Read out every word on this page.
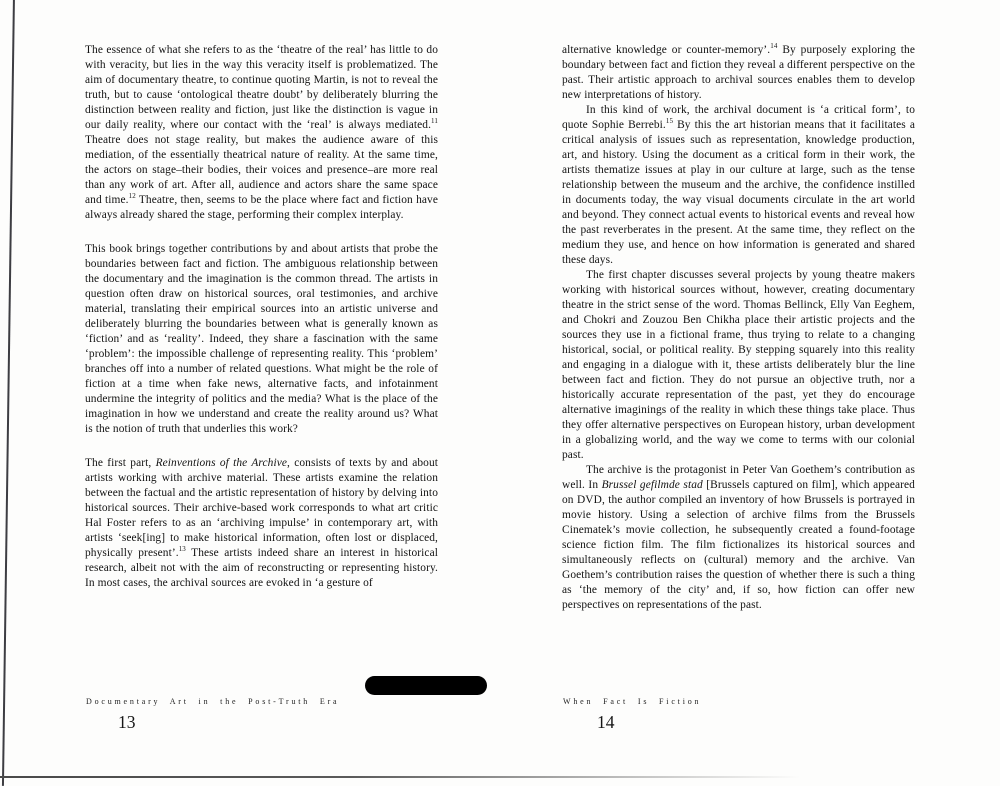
The essence of what she refers to as the ‘theatre of the real’ has little to do with veracity, but lies in the way this veracity itself is problematized. The aim of documentary theatre, to continue quoting Martin, is not to reveal the truth, but to cause ‘ontological theatre doubt’ by deliberately blurring the distinction between reality and fiction, just like the distinction is vague in our daily reality, where our contact with the ‘real’ is always mediated.$^{11}$ Theatre does not stage reality, but makes the audience aware of this mediation, of the essentially theatrical nature of reality. At the same time, the actors on stage–their bodies, their voices and presence–are more real than any work of art. After all, audience and actors share the same space and time.$^{12}$ Theatre, then, seems to be the place where fact and fiction have always already shared the stage, performing their complex interplay.

This book brings together contributions by and about artists that probe the boundaries between fact and fiction. The ambiguous relationship between the documentary and the imagination is the common thread. The artists in question often draw on historical sources, oral testimonies, and archive material, translating their empirical sources into an artistic universe and deliberately blurring the boundaries between what is generally known as ‘fiction’ and as ‘reality’. Indeed, they share a fascination with the same ‘problem’: the impossible challenge of representing reality. This ‘problem’ branches off into a number of related questions. What might be the role of fiction at a time when fake news, alternative facts, and infotainment undermine the integrity of politics and the media? What is the place of the imagination in how we understand and create the reality around us? What is the notion of truth that underlies this work?

The first part, Reinventions of the Archive, consists of texts by and about artists working with archive material. These artists examine the relation between the factual and the artistic representation of history by delving into historical sources. Their archive-based work corresponds to what art critic Hal Foster refers to as an ‘archiving impulse’ in contemporary art, with artists ‘seek[ing] to make historical information, often lost or displaced, physically present’.$^{13}$ These artists indeed share an interest in historical research, albeit not with the aim of reconstructing or representing history. In most cases, the archival sources are evoked in ‘a gesture of

alternative knowledge or counter-memory’.$^{14}$ By purposely exploring the boundary between fact and fiction they reveal a different perspective on the past. Their artistic approach to archival sources enables them to develop new interpretations of history.

In this kind of work, the archival document is ‘a critical form’, to quote Sophie Berrebi.$^{15}$ By this the art historian means that it facilitates a critical analysis of issues such as representation, knowledge production, art, and history. Using the document as a critical form in their work, the artists thematize issues at play in our culture at large, such as the tense relationship between the museum and the archive, the confidence instilled in documents today, the way visual documents circulate in the art world and beyond. They connect actual events to historical events and reveal how the past reverberates in the present. At the same time, they reflect on the medium they use, and hence on how information is generated and shared these days.

The first chapter discusses several projects by young theatre makers working with historical sources without, however, creating documentary theatre in the strict sense of the word. Thomas Bellinck, Elly Van Eeghem, and Chokri and Zouzou Ben Chikha place their artistic projects and the sources they use in a fictional frame, thus trying to relate to a changing historical, social, or political reality. By stepping squarely into this reality and engaging in a dialogue with it, these artists deliberately blur the line between fact and fiction. They do not pursue an objective truth, nor a historically accurate representation of the past, yet they do encourage alternative imaginings of the reality in which these things take place. Thus they offer alternative perspectives on European history, urban development in a globalizing world, and the way we come to terms with our colonial past.

The archive is the protagonist in Peter Van Goethem’s contribution as well. In Brussel gefilmde stad [Brussels captured on film], which appeared on DVD, the author compiled an inventory of how Brussels is portrayed in movie history. Using a selection of archive films from the Brussels Cinematek’s movie collection, he subsequently created a found-footage science fiction film. The film fictionalizes its historical sources and simultaneously reflects on (cultural) memory and the archive. Van Goethem’s contribution raises the question of whether there is such a thing as ‘the memory of the city’ and, if so, how fiction can offer new perspectives on representations of the past.

Documentary Art in the Post-Truth Era
13
When Fact Is Fiction
14
